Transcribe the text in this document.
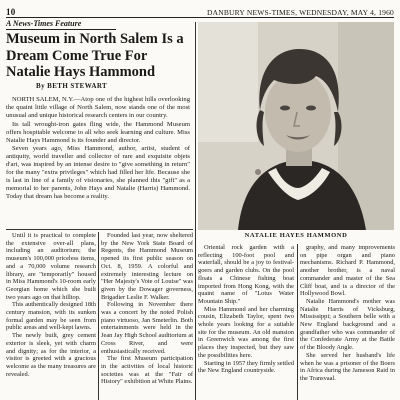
10	DANBURY NEWS-TIMES, WEDNESDAY, MAY 4, 1960
A News-Times Feature
Museum in North Salem Is a Dream Come True For Natalie Hays Hammond
By BETH STEWART

NORTH SALEM, N.Y.—Atop one of the highest hills overlooking the quaint little village of North Salem, now stands one of the most unusual and unique historical research centers in our country.

Its tall wrought-iron gates fling wide, the Hammond Museum offers hospitable welcome to all who seek learning and culture. Miss Natalie Hays Hammond is its founder and director.

Seven years ago, Miss Hammond, author, artist, student of antiquity, world traveller and collector of rare and exquisite objets d'art, was inspired by an intense desire to "give something in return" for the many "extra privileges" which had filled her life. Because she is last in line of a family of visionaries, she planned this "gift" as a memorial to her parents, John Hays and Natalie (Harris) Hammond. Today that dream has become a reality.

Until it is practical to complete the extensive over-all plans, including an auditorium; the museum's 100,000 priceless items, and a 70,000 volume research library, are "temporarily" housed in Miss Hammond's 10-room early Georgian home which she built two years ago on that hilltop.

This authentically designed 18th century mansion, with its sunken formal garden may be seen from public areas and well-kept lawns.

The newly built, grey cement exterior is sleek, yet with charm and dignity; as for the interior, a visitor is greeted with a gracious welcome as the many treasures are revealed.

Founded last year, now sheltered by the New York State Board of Regents, the Hammond Museum opened its first public season on Oct. 8, 1959. A colorful and extremely interesting lecture on "Her Majesty's Vote of Louise" was given by the Dowager governess, Brigadier Leslie F. Walker.

Following in November there was a concert by the noted Polish piano virtuoso, Jan Smeterlin. Both entertainments were held in the Jean Jay High School auditorium at Cross River, and were enthusiastically received.

The first Museum participation in the activities of local historic societies was at the "Fair of History" exhibition at White Plains.

NATALIE HAYES HAMMOND

Oriental rock garden with a reflecting 100-foot pool and waterfall, should be a joy to festival-goers and garden clubs. On the pool floats a Chinese fishing boat imported from Hong Kong, with the quaint name of "Lotus Water Mountain Ship."

Miss Hammond and her charming cousin, Elizabeth Taylor, spent two whole years looking for a suitable site for the museum. An old mansion in Greenwich was among the first places they inspected, but they saw the possibilities here.

Starting in 1957 they firmly settled the New England countryside.

graphy, and many improvements on pipe organ and piano mechanisms. Richard P. Hammond, another brother, is a naval commander and master of the Sea Cliff boat, and is a director of the Hollywood Bowl.

Natalie Hammond's mother was Natalie Harris of Vicksburg, Mississippi; a Southern belle with a New England background and a grandfather who was commander of the Confederate Army at the Battle of the Bloody Angle.

She served her husband's life when he was a prisoner of the Boers in Africa during the Jameson Raid in the Transvaal.
